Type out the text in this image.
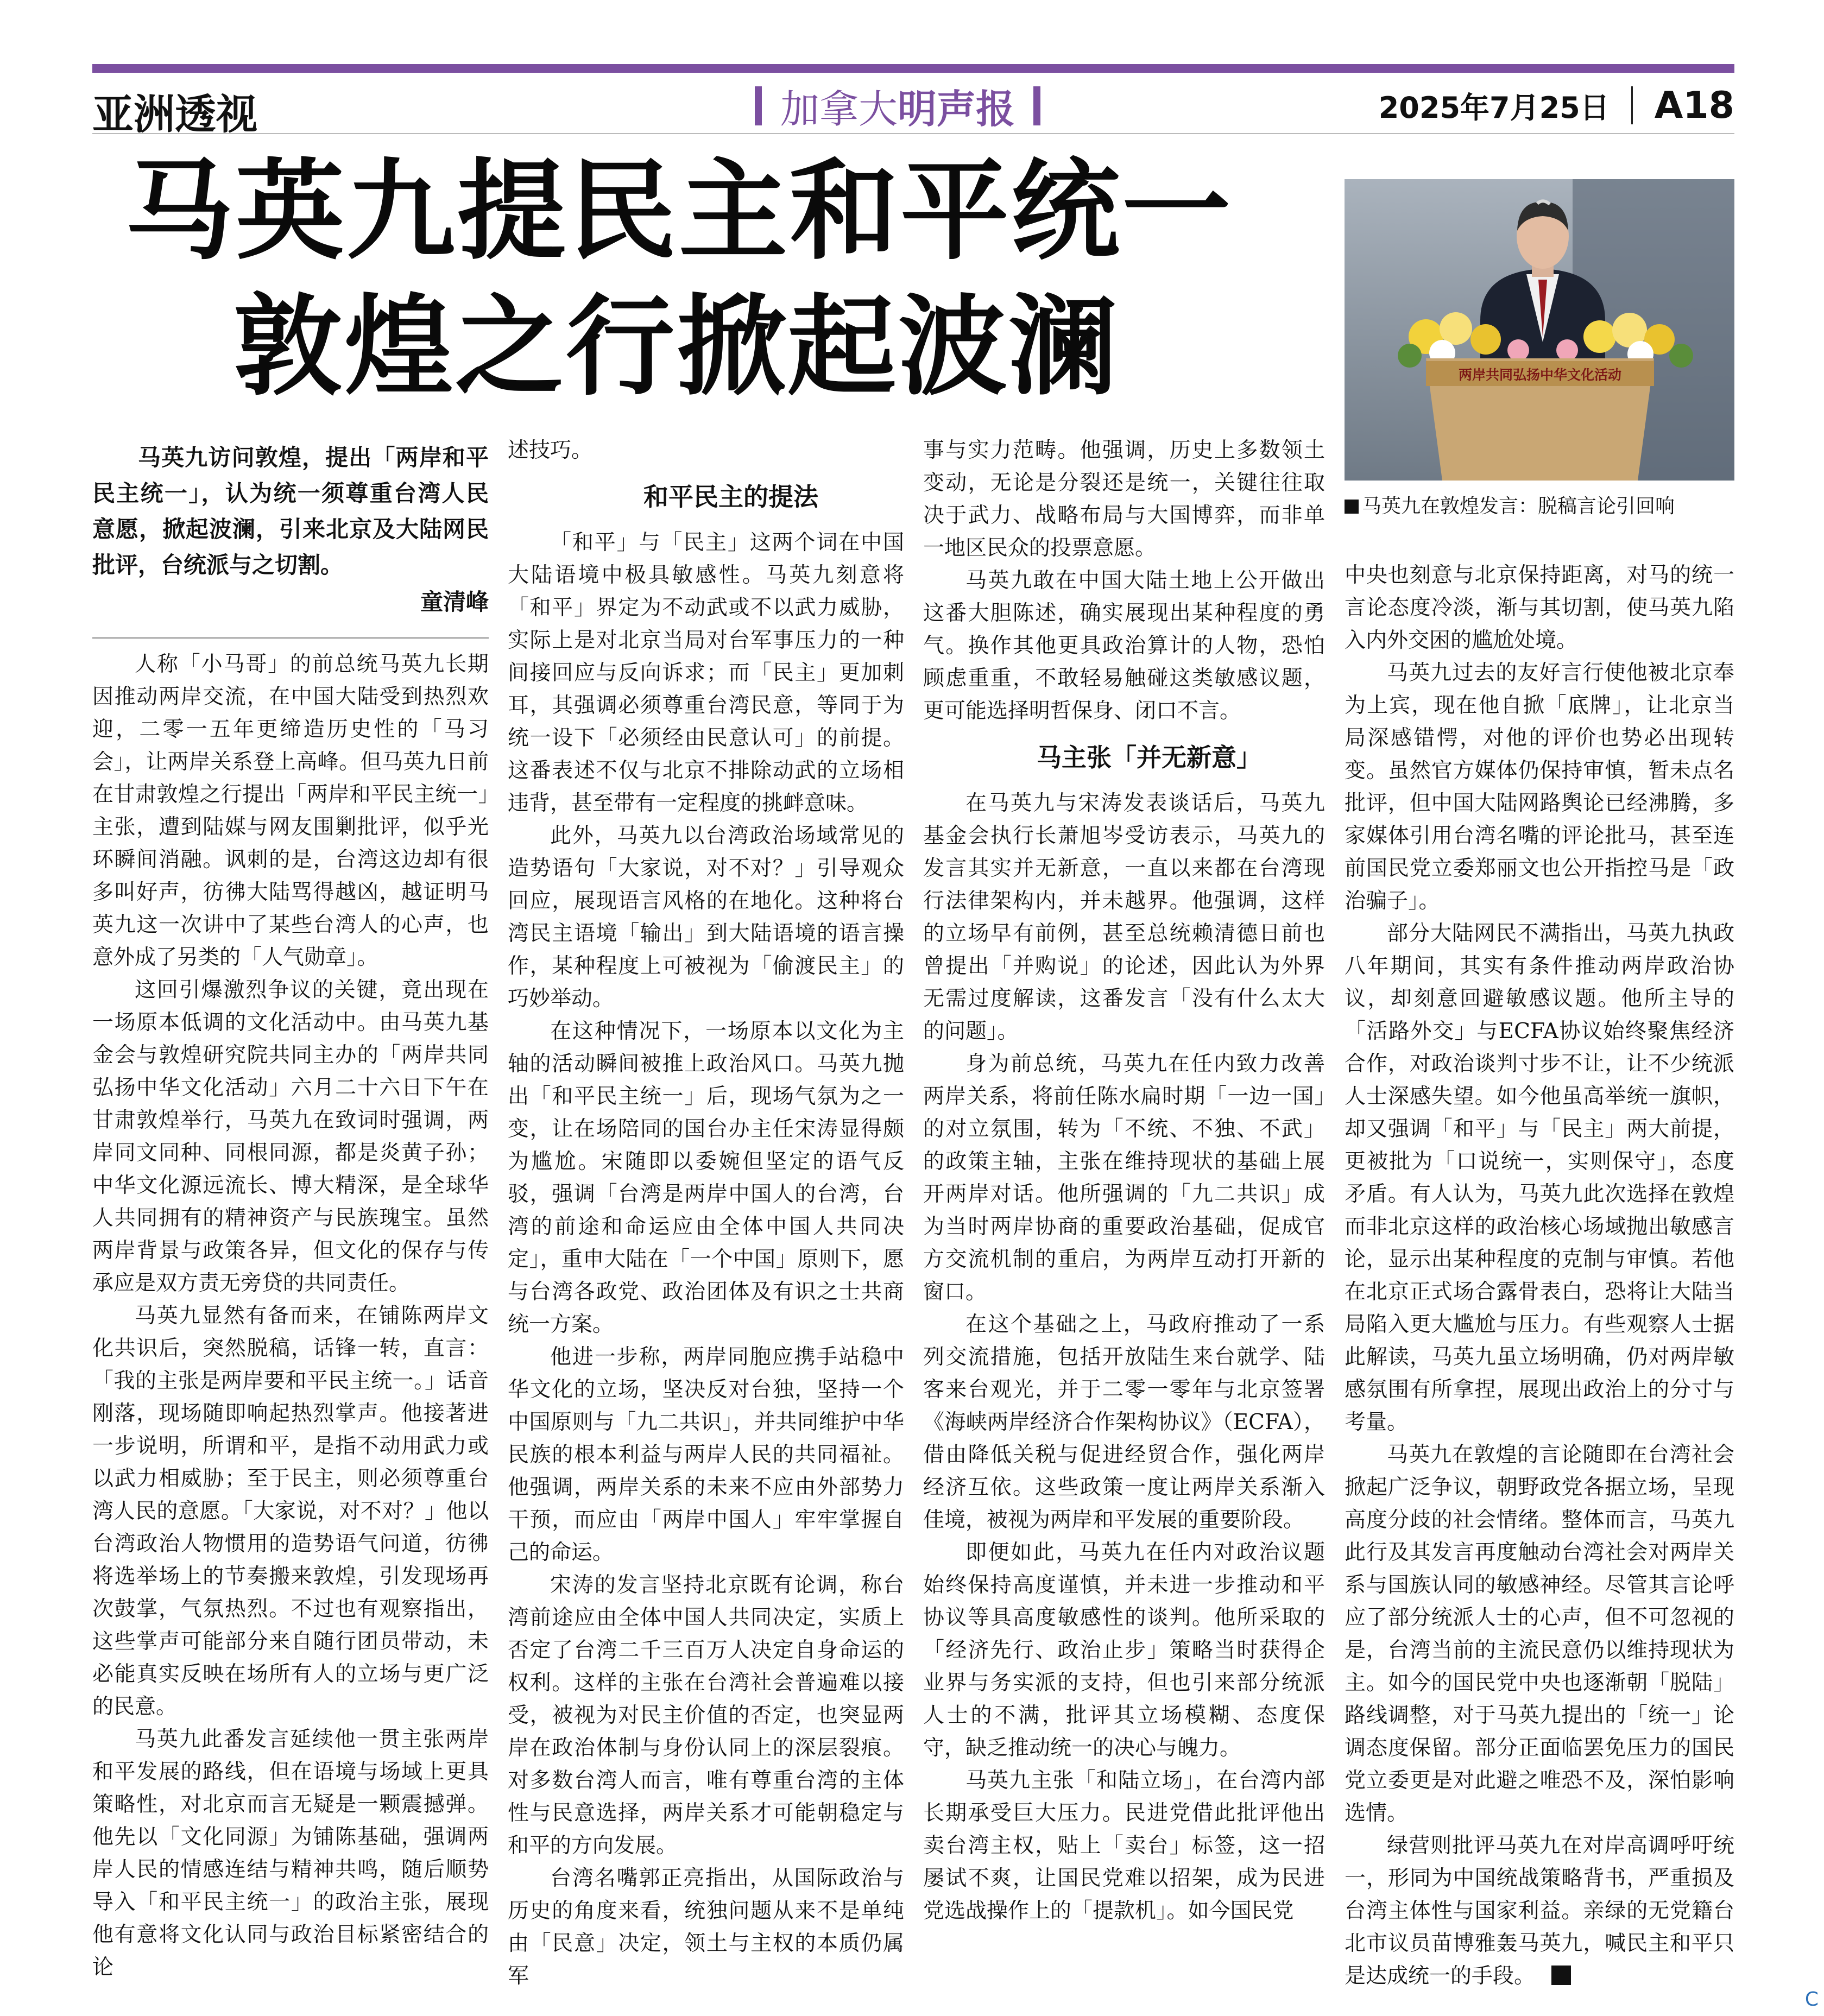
亚洲透视	加拿大明声报	2025年7月25日 A18
马英九提民主和平统一
敦煌之行掀起波澜	两岸共同弘扬中华文化活动
马英九在敦煌发言：脱稿言论引回响

马英九访问敦煌，提出「两岸和平民主统一」，认为统一须尊重台湾人民意愿，掀起波澜，引来北京及大陆网民批评，台统派与之切割。

童清峰

人称「小马哥」的前总统马英九长期因推动两岸交流，在中国大陆受到热烈欢迎，二零一五年更缔造历史性的「马习会」，让两岸关系登上高峰。但马英九日前在甘肃敦煌之行提出「两岸和平民主统一」主张，遭到陆媒与网友围剿批评，似乎光环瞬间消融。讽刺的是，台湾这边却有很多叫好声，彷彿大陆骂得越凶，越证明马英九这一次讲中了某些台湾人的心声，也意外成了另类的「人气勋章」。

这回引爆激烈争议的关键，竟出现在一场原本低调的文化活动中。由马英九基金会与敦煌研究院共同主办的「两岸共同弘扬中华文化活动」六月二十六日下午在甘肃敦煌举行，马英九在致词时强调，两岸同文同种、同根同源，都是炎黄子孙；中华文化源远流长、博大精深，是全球华人共同拥有的精神资产与民族瑰宝。虽然两岸背景与政策各异，但文化的保存与传承应是双方责无旁贷的共同责任。

马英九显然有备而来，在铺陈两岸文化共识后，突然脱稿，话锋一转，直言：「我的主张是两岸要和平民主统一。」话音刚落，现场随即响起热烈掌声。他接著进一步说明，所谓和平，是指不动用武力或以武力相威胁；至于民主，则必须尊重台湾人民的意愿。「大家说，对不对？」他以台湾政治人物惯用的造势语气问道，彷彿将选举场上的节奏搬来敦煌，引发现场再次鼓掌，气氛热烈。不过也有观察指出，这些掌声可能部分来自随行团员带动，未必能真实反映在场所有人的立场与更广泛的民意。

马英九此番发言延续他一贯主张两岸和平发展的路线，但在语境与场域上更具策略性，对北京而言无疑是一颗震撼弹。他先以「文化同源」为铺陈基础，强调两岸人民的情感连结与精神共鸣，随后顺势导入「和平民主统一」的政治主张，展现他有意将文化认同与政治目标紧密结合的论

述技巧。

和平民主的提法

「和平」与「民主」这两个词在中国大陆语境中极具敏感性。马英九刻意将「和平」界定为不动武或不以武力威胁，实际上是对北京当局对台军事压力的一种间接回应与反向诉求；而「民主」更加刺耳，其强调必须尊重台湾民意，等同于为统一设下「必须经由民意认可」的前提。这番表述不仅与北京不排除动武的立场相违背，甚至带有一定程度的挑衅意味。

此外，马英九以台湾政治场域常见的造势语句「大家说，对不对？」引导观众回应，展现语言风格的在地化。这种将台湾民主语境「输出」到大陆语境的语言操作，某种程度上可被视为「偷渡民主」的巧妙举动。

在这种情况下，一场原本以文化为主轴的活动瞬间被推上政治风口。马英九抛出「和平民主统一」后，现场气氛为之一变，让在场陪同的国台办主任宋涛显得颇为尴尬。宋随即以委婉但坚定的语气反驳，强调「台湾是两岸中国人的台湾，台湾的前途和命运应由全体中国人共同决定」，重申大陆在「一个中国」原则下，愿与台湾各政党、政治团体及有识之士共商统一方案。

他进一步称，两岸同胞应携手站稳中华文化的立场，坚决反对台独，坚持一个中国原则与「九二共识」，并共同维护中华民族的根本利益与两岸人民的共同福祉。他强调，两岸关系的未来不应由外部势力干预，而应由「两岸中国人」牢牢掌握自己的命运。

宋涛的发言坚持北京既有论调，称台湾前途应由全体中国人共同决定，实质上否定了台湾二千三百万人决定自身命运的权利。这样的主张在台湾社会普遍难以接受，被视为对民主价值的否定，也突显两岸在政治体制与身份认同上的深层裂痕。对多数台湾人而言，唯有尊重台湾的主体性与民意选择，两岸关系才可能朝稳定与和平的方向发展。

台湾名嘴郭正亮指出，从国际政治与历史的角度来看，统独问题从来不是单纯由「民意」决定，领土与主权的本质仍属军

事与实力范畴。他强调，历史上多数领土变动，无论是分裂还是统一，关键往往取决于武力、战略布局与大国博弈，而非单一地区民众的投票意愿。

马英九敢在中国大陆土地上公开做出这番大胆陈述，确实展现出某种程度的勇气。换作其他更具政治算计的人物，恐怕顾虑重重，不敢轻易触碰这类敏感议题，更可能选择明哲保身、闭口不言。

马主张「并无新意」

在马英九与宋涛发表谈话后，马英九基金会执行长萧旭岑受访表示，马英九的发言其实并无新意，一直以来都在台湾现行法律架构内，并未越界。他强调，这样的立场早有前例，甚至总统赖清德日前也曾提出「并购说」的论述，因此认为外界无需过度解读，这番发言「没有什么太大的问题」。

身为前总统，马英九在任内致力改善两岸关系，将前任陈水扁时期「一边一国」的对立氛围，转为「不统、不独、不武」的政策主轴，主张在维持现状的基础上展开两岸对话。他所强调的「九二共识」成为当时两岸协商的重要政治基础，促成官方交流机制的重启，为两岸互动打开新的窗口。

在这个基础之上，马政府推动了一系列交流措施，包括开放陆生来台就学、陆客来台观光，并于二零一零年与北京签署《海峡两岸经济合作架构协议》（ECFA），借由降低关税与促进经贸合作，强化两岸经济互依。这些政策一度让两岸关系渐入佳境，被视为两岸和平发展的重要阶段。

即便如此，马英九在任内对政治议题始终保持高度谨慎，并未进一步推动和平协议等具高度敏感性的谈判。他所采取的「经济先行、政治止步」策略当时获得企业界与务实派的支持，但也引来部分统派人士的不满，批评其立场模糊、态度保守，缺乏推动统一的决心与魄力。

马英九主张「和陆立场」，在台湾内部长期承受巨大压力。民进党借此批评他出卖台湾主权，贴上「卖台」标签，这一招屡试不爽，让国民党难以招架，成为民进党选战操作上的「提款机」。如今国民党

中央也刻意与北京保持距离，对马的统一言论态度冷淡，渐与其切割，使马英九陷入内外交困的尴尬处境。

马英九过去的友好言行使他被北京奉为上宾，现在他自掀「底牌」，让北京当局深感错愕，对他的评价也势必出现转变。虽然官方媒体仍保持审慎，暂未点名批评，但中国大陆网路舆论已经沸腾，多家媒体引用台湾名嘴的评论批马，甚至连前国民党立委郑丽文也公开指控马是「政治骗子」。

部分大陆网民不满指出，马英九执政八年期间，其实有条件推动两岸政治协议，却刻意回避敏感议题。他所主导的「活路外交」与ECFA协议始终聚焦经济合作，对政治谈判寸步不让，让不少统派人士深感失望。如今他虽高举统一旗帜，却又强调「和平」与「民主」两大前提，更被批为「口说统一，实则保守」，态度矛盾。有人认为，马英九此次选择在敦煌而非北京这样的政治核心场域抛出敏感言论，显示出某种程度的克制与审慎。若他在北京正式场合露骨表白，恐将让大陆当局陷入更大尴尬与压力。有些观察人士据此解读，马英九虽立场明确，仍对两岸敏感氛围有所拿捏，展现出政治上的分寸与考量。

马英九在敦煌的言论随即在台湾社会掀起广泛争议，朝野政党各据立场，呈现高度分歧的社会情绪。整体而言，马英九此行及其发言再度触动台湾社会对两岸关系与国族认同的敏感神经。尽管其言论呼应了部分统派人士的心声，但不可忽视的是，台湾当前的主流民意仍以维持现状为主。如今的国民党中央也逐渐朝「脱陆」路线调整，对于马英九提出的「统一」论调态度保留。部分正面临罢免压力的国民党立委更是对此避之唯恐不及，深怕影响选情。

绿营则批评马英九在对岸高调呼吁统一，形同为中国统战策略背书，严重损及台湾主体性与国家利益。亲绿的无党籍台北市议员苗博雅轰马英九，喊民主和平只是达成统一的手段。

C
